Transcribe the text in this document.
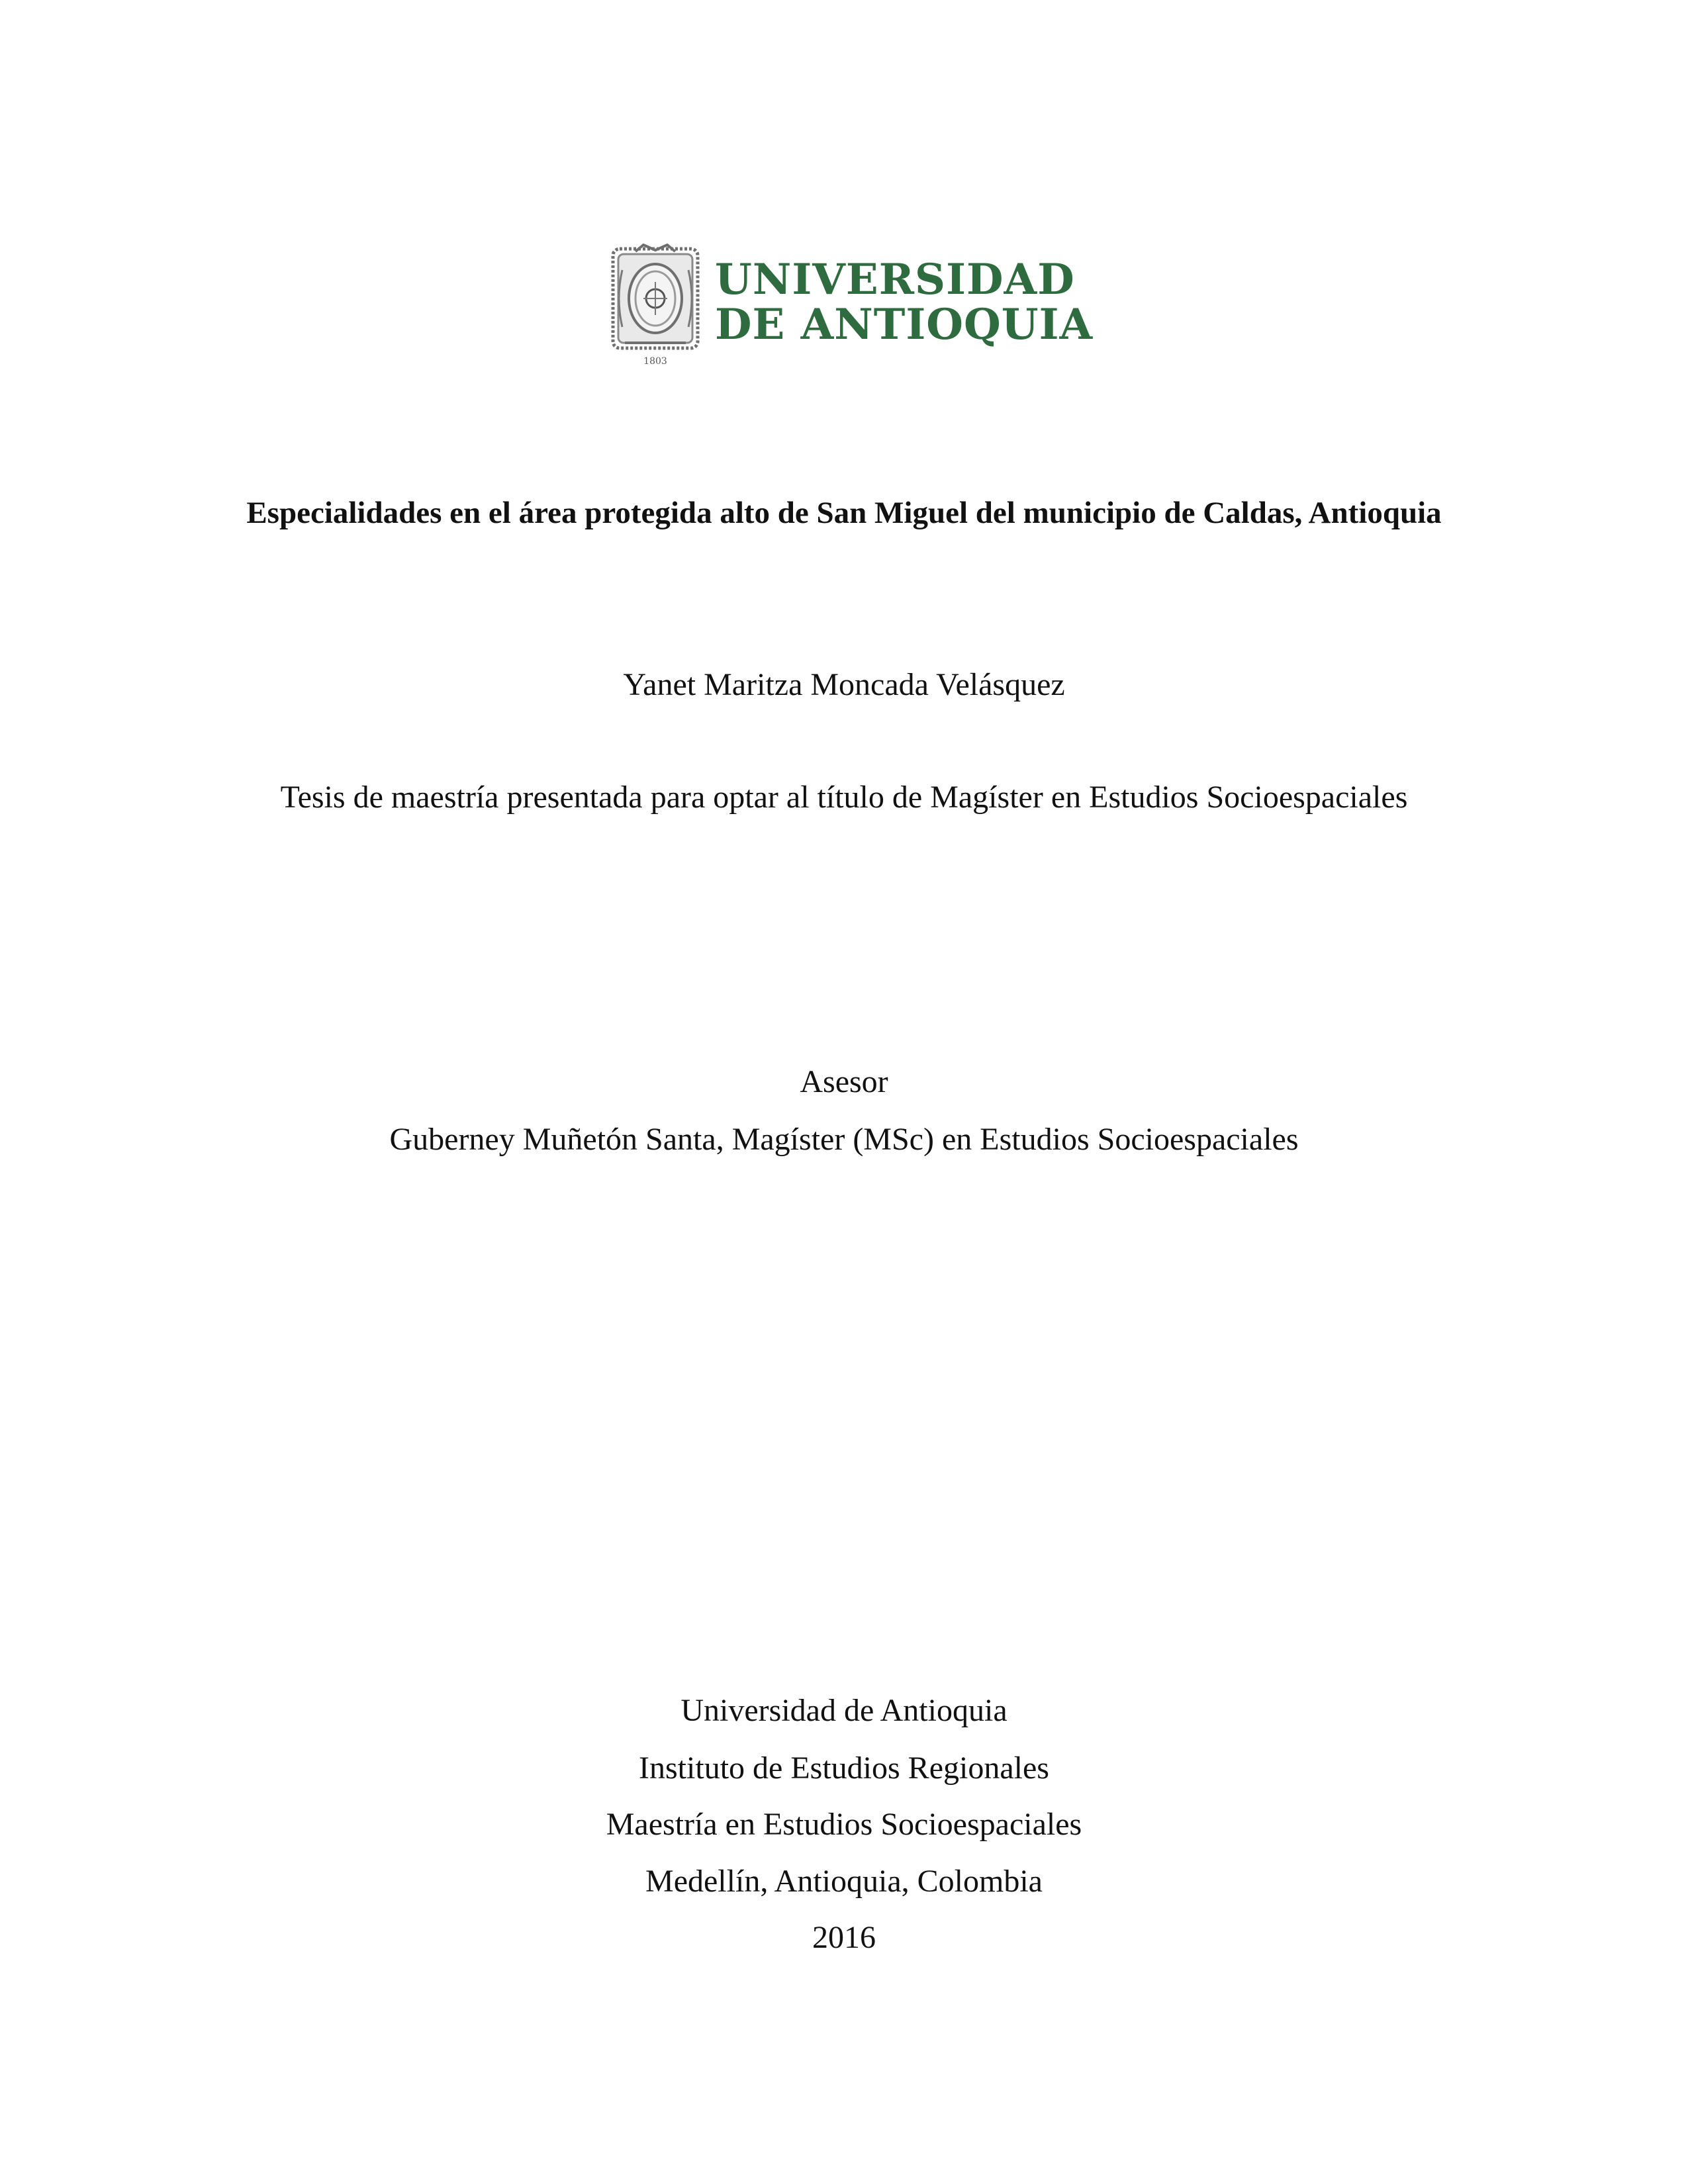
1803
UNIVERSIDAD
DE ANTIOQUIA
Especialidades en el área protegida alto de San Miguel del municipio de Caldas, Antioquia
Yanet Maritza Moncada Velásquez
Tesis de maestría presentada para optar al título de Magíster en Estudios Socioespaciales
Asesor
Guberney Muñetón Santa, Magíster (MSc) en Estudios Socioespaciales
Universidad de Antioquia
Instituto de Estudios Regionales
Maestría en Estudios Socioespaciales
Medellín, Antioquia, Colombia
2016
